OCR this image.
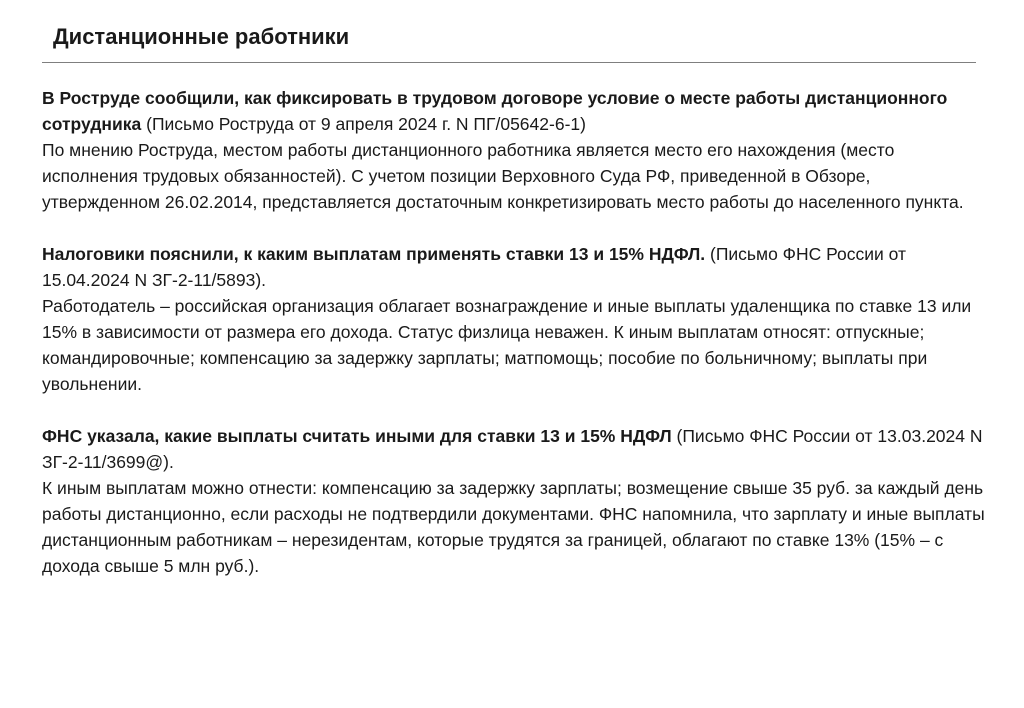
Дистанционные работники

В Роструде сообщили, как фиксировать в трудовом договоре условие о месте работы дистанционного сотрудника (Письмо Роструда от 9 апреля 2024 г. N ПГ/05642-6-1)

По мнению Роструда, местом работы дистанционного работника является место его нахождения (место исполнения трудовых обязанностей). С учетом позиции Верховного Суда РФ, приведенной в Обзоре, утвержденном 26.02.2014, представляется достаточным конкретизировать место работы до населенного пункта.

Налоговики пояснили, к каким выплатам применять ставки 13 и 15% НДФЛ. (Письмо ФНС России от 15.04.2024 N ЗГ-2-11/5893).

Работодатель – российская организация облагает вознаграждение и иные выплаты удаленщика по ставке 13 или 15% в зависимости от размера его дохода. Статус физлица неважен. К иным выплатам относят: отпускные; командировочные; компенсацию за задержку зарплаты; матпомощь; пособие по больничному; выплаты при увольнении.

ФНС указала, какие выплаты считать иными для ставки 13 и 15% НДФЛ (Письмо ФНС России от 13.03.2024 N ЗГ-2-11/3699@).

К иным выплатам можно отнести: компенсацию за задержку зарплаты; возмещение свыше 35 руб. за каждый день работы дистанционно, если расходы не подтвердили документами. ФНС напомнила, что зарплату и иные выплаты дистанционным работникам – нерезидентам, которые трудятся за границей, облагают по ставке 13% (15% – с дохода свыше 5 млн руб.).
